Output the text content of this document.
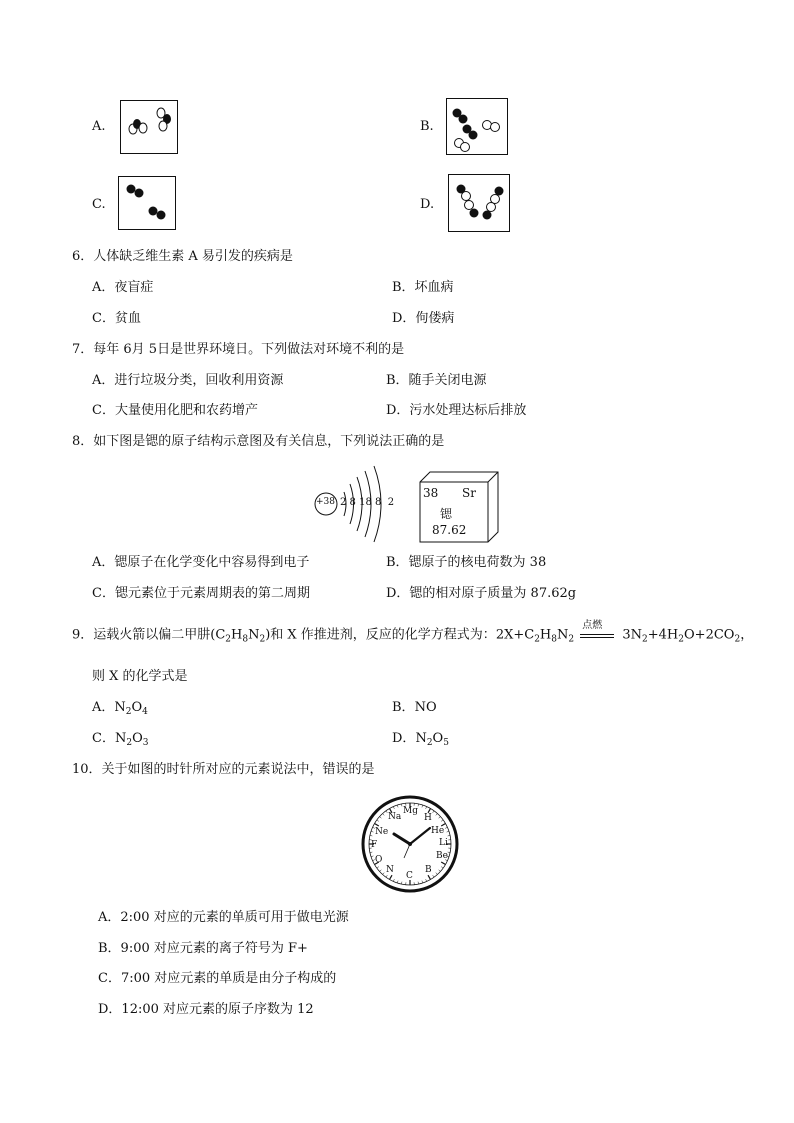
A.	B.
C.	D.
6．人体缺乏维生素 A 易引发的疾病是
A．夜盲症	B．坏血病
C．贫血	D．佝偻病
7．每年 6月 5日是世界环境日。下列做法对环境不利的是
A．进行垃圾分类，回收利用资源	B．随手关闭电源
C．大量使用化肥和农药增产	D．污水处理达标后排放
8．如下图是锶的原子结构示意图及有关信息，下列说法正确的是
+38 2 8 18 8  2
38 Sr
锶
87.62
A．锶原子在化学变化中容易得到电子	B．锶原子的核电荷数为 38
C．锶元素位于元素周期表的第二周期	D．锶的相对原子质量为 87.62g
9．运载火箭以偏二甲肼$(C_2H_8N_2)$和 X 作推进剂，反应的化学方程式为：$2X+C_2H_8N_2$
点燃
$3N_2+4H_2O+2CO_2$，
则 X 的化学式是
A．$N_2O_4$	B．NO
C．$N_2O_3$	D．$N_2O_5$
10．关于如图的时针所对应的元素说法中，错误的是
Mg
Na	H
He
Ne
Li
F
Be
O
B
N
C
A．2:00 对应的元素的单质可用于做电光源
B．9:00 对应元素的离子符号为 F+
C．7:00 对应元素的单质是由分子构成的
D．12:00 对应元素的原子序数为 12
